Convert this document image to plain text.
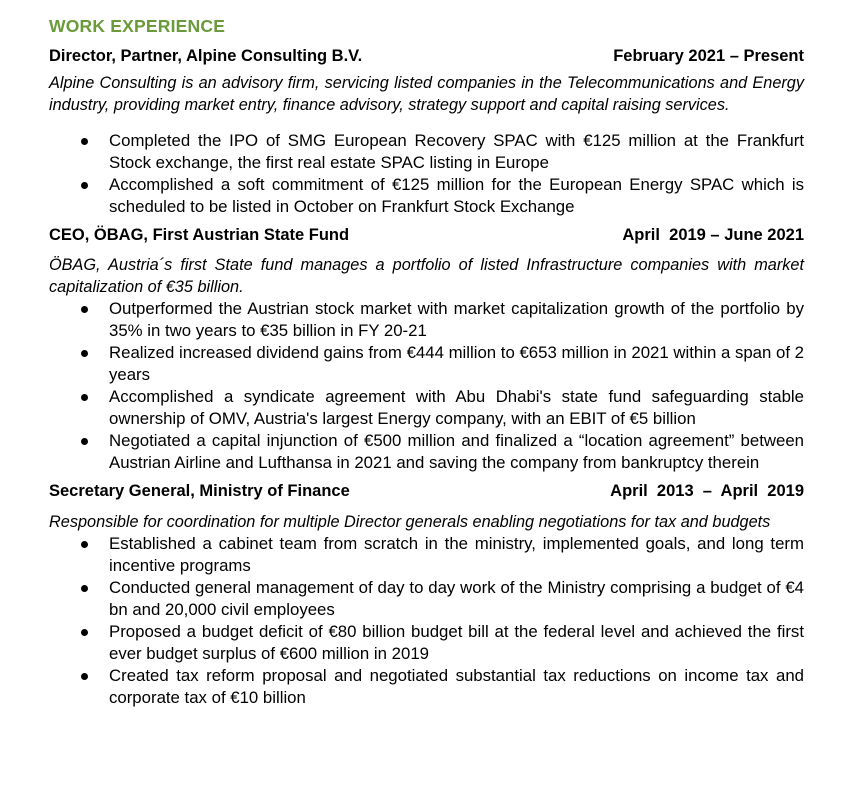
WORK EXPERIENCE
Director, Partner, Alpine Consulting B.V.	February 2021 – Present
Alpine Consulting is an advisory firm, servicing listed companies in the Telecommunications and Energy industry, providing market entry, finance advisory, strategy support and capital raising services.
Completed the IPO of SMG European Recovery SPAC with €125 million at the Frankfurt Stock exchange, the first real estate SPAC listing in Europe
Accomplished a soft commitment of €125 million for the European Energy SPAC which is scheduled to be listed in October on Frankfurt Stock Exchange
CEO, ÖBAG, First Austrian State Fund	April  2019 – June 2021
ÖBAG, Austria´s first State fund manages a portfolio of listed Infrastructure companies with market capitalization of €35 billion.
Outperformed the Austrian stock market with market capitalization growth of the portfolio by 35% in two years to €35 billion in FY 20-21
Realized increased dividend gains from €444 million to €653 million in 2021 within a span of 2 years
Accomplished a syndicate agreement with Abu Dhabi's state fund safeguarding stable ownership of OMV, Austria's largest Energy company, with an EBIT of €5 billion
Negotiated a capital injunction of €500 million and finalized a “location agreement” between Austrian Airline and Lufthansa in 2021 and saving the company from bankruptcy therein
Secretary General, Ministry of Finance	April  2013  –  April  2019
Responsible for coordination for multiple Director generals enabling negotiations for tax and budgets
Established a cabinet team from scratch in the ministry, implemented goals, and long term incentive programs
Conducted general management of day to day work of the Ministry comprising a budget of €4 bn and 20,000 civil employees
Proposed a budget deficit of €80 billion budget bill at the federal level and achieved the first ever budget surplus of €600 million in 2019
Created tax reform proposal and negotiated substantial tax reductions on income tax and corporate tax of €10 billion
